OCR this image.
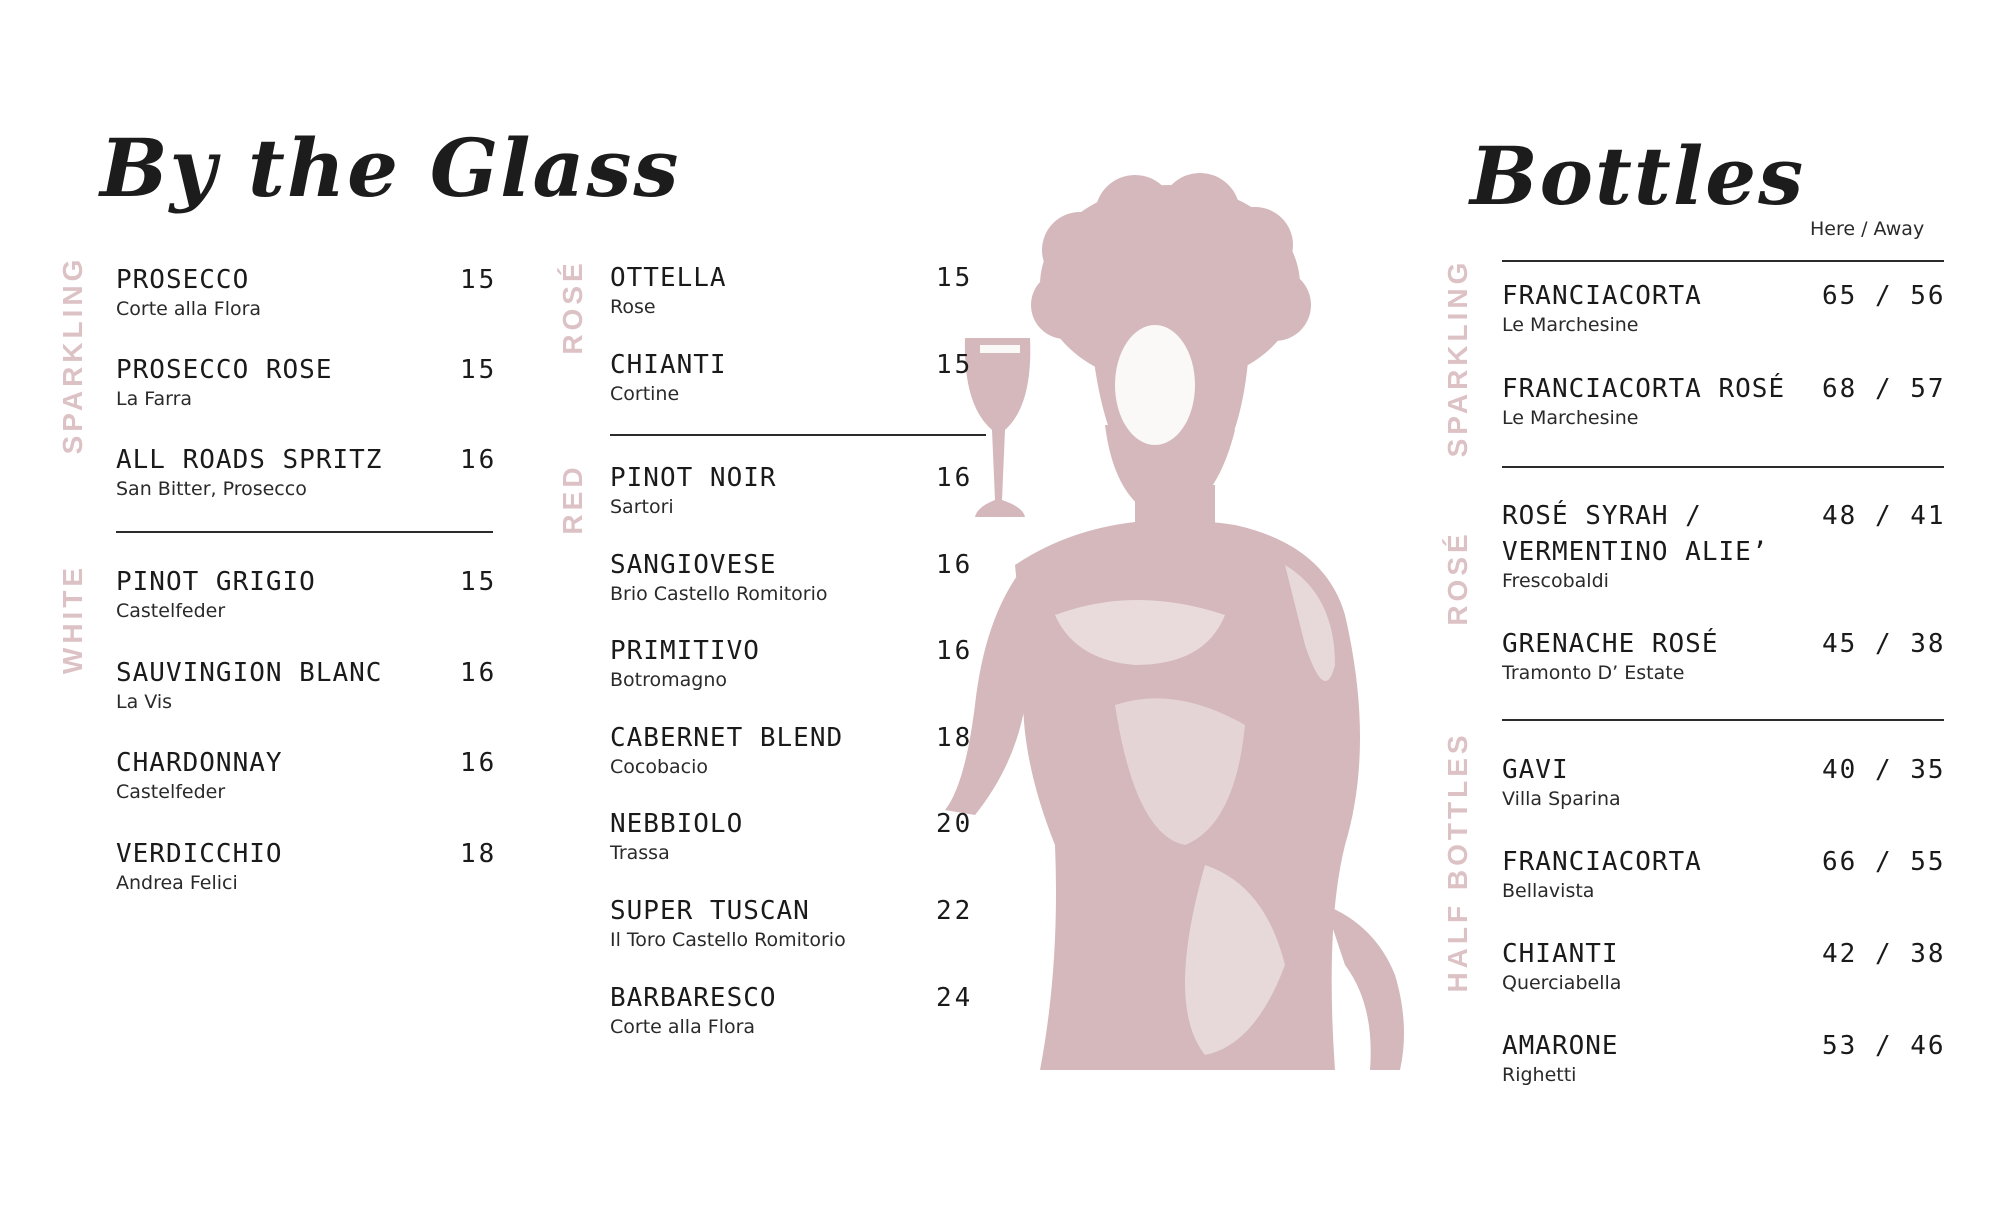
By the Glass	Bottles
SPARKLING PROSECCO
Corte alla Flora
15
PROSECCO ROSE
La Farra
15
ALL ROADS SPRITZ
San Bitter, Prosecco
16
WHITE PINOT GRIGIO
Castelfeder
15
SAUVINGION BLANC
La Vis
16
CHARDONNAY
Castelfeder
16
VERDICCHIO
Andrea Felici
18
ROSÉ OTTELLA
Rose
15
CHIANTI
Cortine
15
RED PINOT NOIR
Sartori
16
SANGIOVESE
Brio Castello Romitorio
16
PRIMITIVO
Botromagno
16
CABERNET BLEND
Cocobacio
18
NEBBIOLO
Trassa
20
SUPER TUSCAN
Il Toro Castello Romitorio
22
BARBARESCO
Corte alla Flora
24
Here / Away
SPARKLING FRANCIACORTA
Le Marchesine
65 / 56
FRANCIACORTA ROSÉ
Le Marchesine
68 / 57
ROSÉ
ROSÉ SYRAH /
VERMENTINO ALIE’
Frescobaldi
48 / 41
GRENACHE ROSÉ
Tramonto D’ Estate
45 / 38
HALF BOTTLES GAVI
Villa Sparina
40 / 35
FRANCIACORTA
Bellavista
66 / 55
CHIANTI
Querciabella
42 / 38
AMARONE
Righetti
53 / 46
